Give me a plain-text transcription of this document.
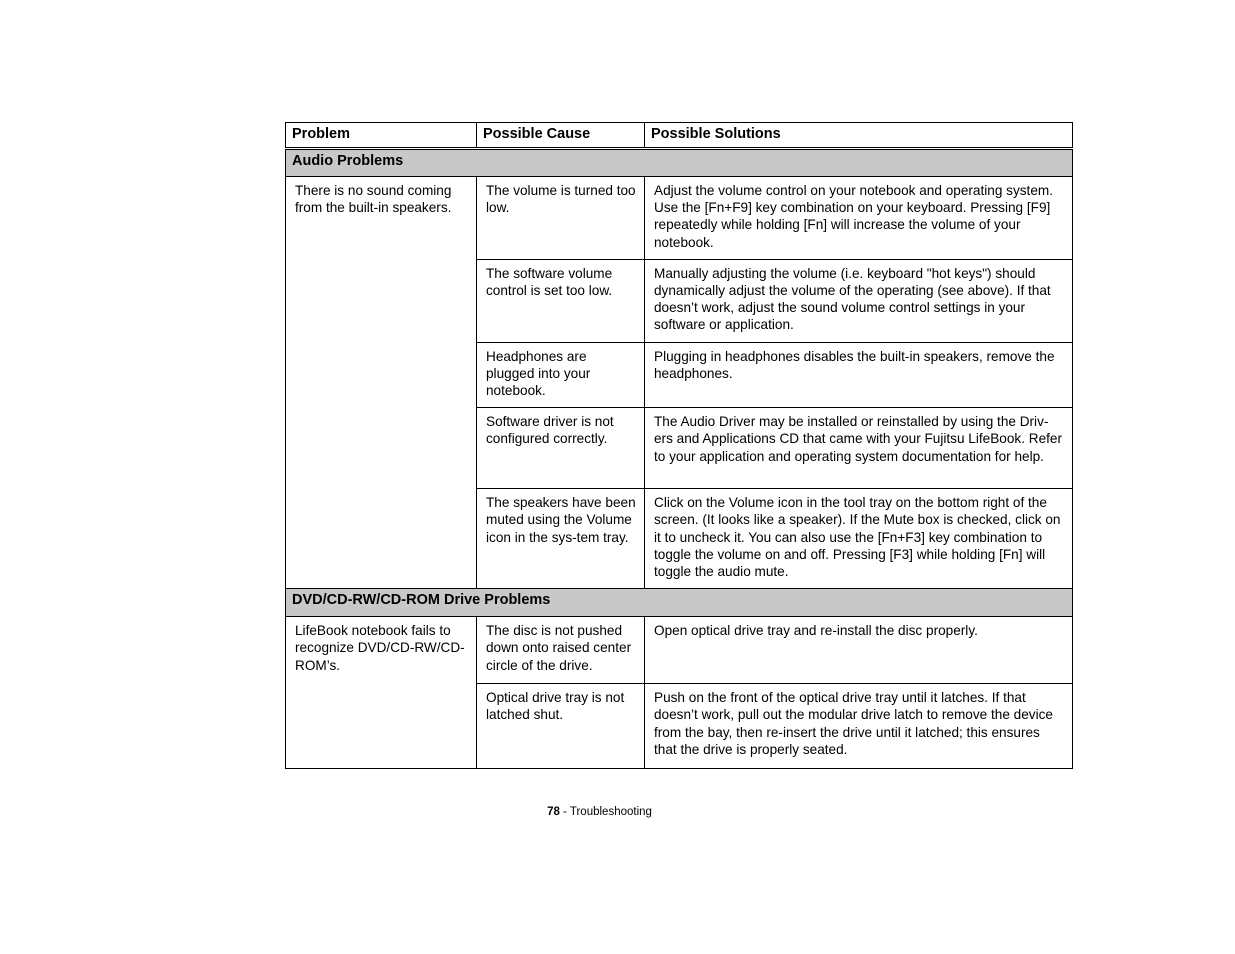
Problem	Possible Cause	Possible Solutions
Audio Problems		
There is no sound coming from the built-in speakers.	The volume is turned too low.	Adjust the volume control on your notebook and operating system. Use the [Fn+F9] key combination on your keyboard. Pressing [F9] repeatedly while holding [Fn] will increase the volume of your notebook.
	The software volume control is set too low.	Manually adjusting the volume (i.e. keyboard "hot keys") should dynamically adjust the volume of the operating (see above). If that doesn’t work, adjust the sound volume control settings in your software or application.
	Headphones are plugged into your notebook.	Plugging in headphones disables the built-in speakers, remove the headphones.
	Software driver is not configured correctly.	The Audio Driver may be installed or reinstalled by using the Driv-ers and Applications CD that came with your Fujitsu LifeBook. Refer to your application and operating system documentation for help.
	The speakers have been muted using the Volume icon in the sys-tem tray.	Click on the Volume icon in the tool tray on the bottom right of the screen. (It looks like a speaker). If the Mute box is checked, click on it to uncheck it. You can also use the [Fn+F3] key combination to toggle the volume on and off. Pressing [F3] while holding [Fn] will toggle the audio mute.
DVD/CD-RW/CD-ROM Drive Problems		
LifeBook notebook fails to recognize DVD/CD-RW/CD-ROM’s.	The disc is not pushed down onto raised center circle of the drive.	Open optical drive tray and re-install the disc properly.
	Optical drive tray is not latched shut.	Push on the front of the optical drive tray until it latches. If that doesn’t work, pull out the modular drive latch to remove the device from the bay, then re-insert the drive until it latched; this ensures that the drive is properly seated.
78 - Troubleshooting
